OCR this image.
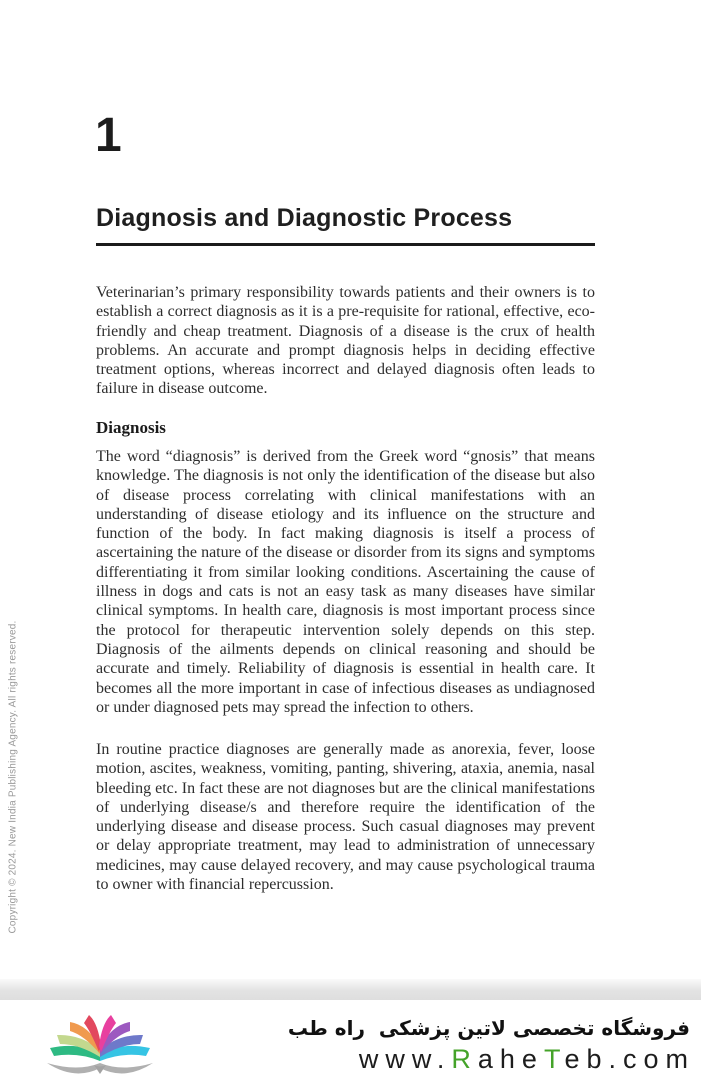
Copyright © 2024. New India Publishing Agency. All rights reserved.
1
Diagnosis and Diagnostic Process

Veterinarian’s primary responsibility towards patients and their owners is to establish a correct diagnosis as it is a pre-requisite for rational, effective, eco-friendly and cheap treatment. Diagnosis of a disease is the crux of health problems. An accurate and prompt diagnosis helps in deciding effective treatment options, whereas incorrect and delayed diagnosis often leads to failure in disease outcome.

Diagnosis

The word “diagnosis” is derived from the Greek word “gnosis” that means knowledge. The diagnosis is not only the identification of the disease but also of disease process correlating with clinical manifestations with an understanding of disease etiology and its influence on the structure and function of the body. In fact making diagnosis is itself a process of ascertaining the nature of the disease or disorder from its signs and symptoms differentiating it from similar looking conditions. Ascertaining the cause of illness in dogs and cats is not an easy task as many diseases have similar clinical symptoms. In health care, diagnosis is most important process since the protocol for therapeutic intervention solely depends on this step. Diagnosis of the ailments depends on clinical reasoning and should be accurate and timely. Reliability of diagnosis is essential in health care. It becomes all the more important in case of infectious diseases as undiagnosed or under diagnosed pets may spread the infection to others.

In routine practice diagnoses are generally made as anorexia, fever, loose motion, ascites, weakness, vomiting, panting, shivering, ataxia, anemia, nasal bleeding etc. In fact these are not diagnoses but are the clinical manifestations of underlying disease/s and therefore require the identification of the underlying disease and disease process. Such casual diagnoses may prevent or delay appropriate treatment, may lead to administration of unnecessary medicines, may cause delayed recovery, and may cause psychological trauma to owner with financial repercussion.

فروشگاه تخصصی لاتین پزشکی  راه طب
www.RaheTeb.com
